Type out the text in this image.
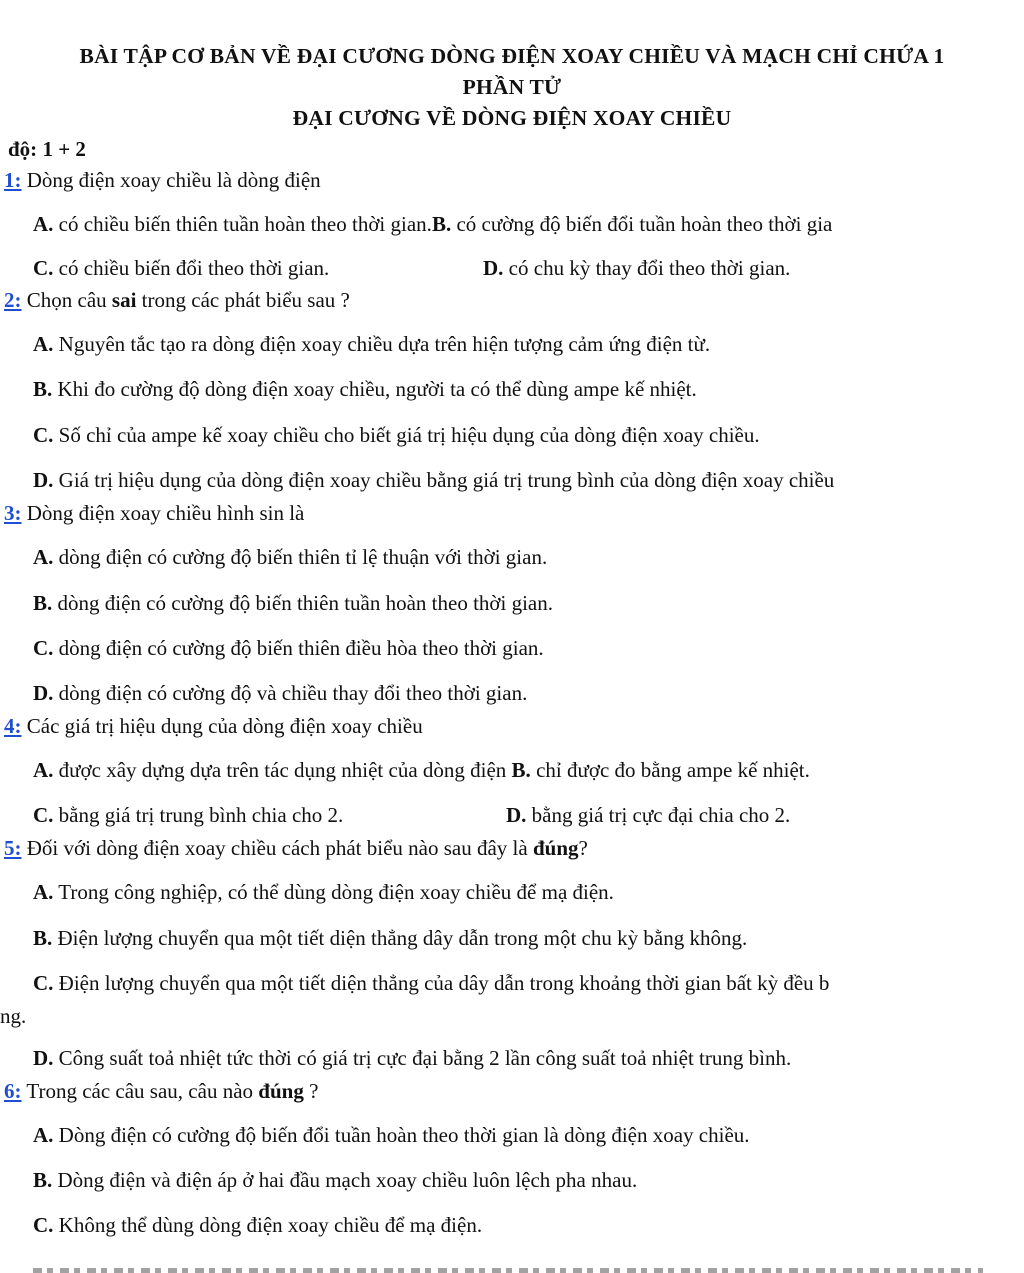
BÀI TẬP CƠ BẢN VỀ ĐẠI CƯƠNG DÒNG ĐIỆN XOAY CHIỀU VÀ MẠCH CHỈ CHỨA 1
PHẦN TỬ
ĐẠI CƯƠNG VỀ DÒNG ĐIỆN XOAY CHIỀU
độ: 1 + 2
1: Dòng điện xoay chiều là dòng điện
A. có chiều biến thiên tuần hoàn theo thời gian.B. có cường độ biến đổi tuần hoàn theo thời gia
C. có chiều biến đổi theo thời gian.	D. có chu kỳ thay đổi theo thời gian.
2: Chọn câu sai trong các phát biểu sau ?
A. Nguyên tắc tạo ra dòng điện xoay chiều dựa trên hiện tượng cảm ứng điện từ.
B. Khi đo cường độ dòng điện xoay chiều, người ta có thể dùng ampe kế nhiệt.
C. Số chỉ của ampe kế xoay chiều cho biết giá trị hiệu dụng của dòng điện xoay chiều.
D. Giá trị hiệu dụng của dòng điện xoay chiều bằng giá trị trung bình của dòng điện xoay chiều
3: Dòng điện xoay chiều hình sin là
A. dòng điện có cường độ biến thiên tỉ lệ thuận với thời gian.
B. dòng điện có cường độ biến thiên tuần hoàn theo thời gian.
C. dòng điện có cường độ biến thiên điều hòa theo thời gian.
D. dòng điện có cường độ và chiều thay đổi theo thời gian.
4: Các giá trị hiệu dụng của dòng điện xoay chiều
A. được xây dựng dựa trên tác dụng nhiệt của dòng điện B. chỉ được đo bằng ampe kế nhiệt.
C. bằng giá trị trung bình chia cho 2.	D. bằng giá trị cực đại chia cho 2.
5: Đối với dòng điện xoay chiều cách phát biểu nào sau đây là đúng?
A. Trong công nghiệp, có thể dùng dòng điện xoay chiều để mạ điện.
B. Điện lượng chuyển qua một tiết diện thẳng dây dẫn trong một chu kỳ bằng không.
C. Điện lượng chuyển qua một tiết diện thẳng của dây dẫn trong khoảng thời gian bất kỳ đều b
ng.
D. Công suất toả nhiệt tức thời có giá trị cực đại bằng 2 lần công suất toả nhiệt trung bình.
6: Trong các câu sau, câu nào đúng ?
A. Dòng điện có cường độ biến đổi tuần hoàn theo thời gian là dòng điện xoay chiều.
B. Dòng điện và điện áp ở hai đầu mạch xoay chiều luôn lệch pha nhau.
C. Không thể dùng dòng điện xoay chiều để mạ điện.
